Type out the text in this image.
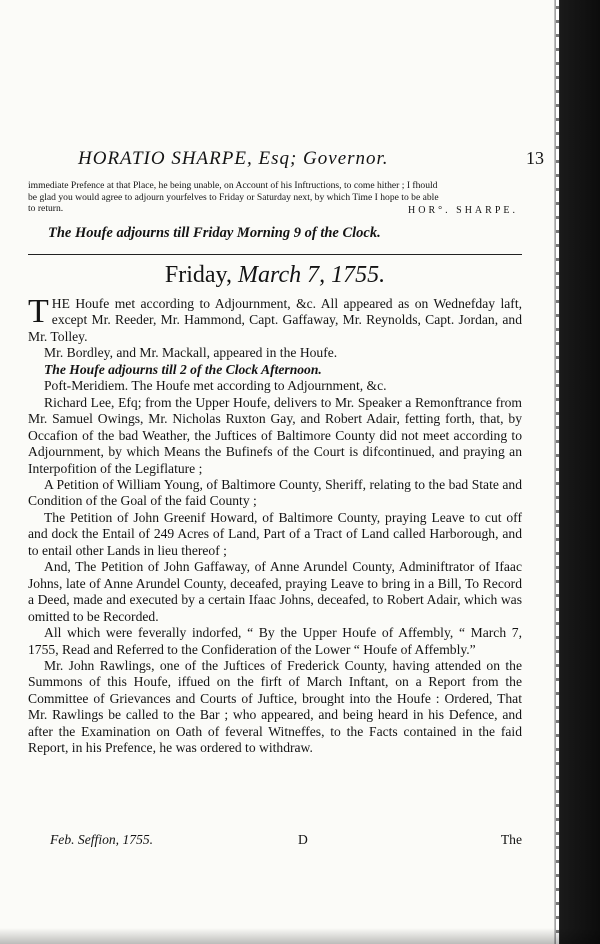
HORATIO SHARPE, Esq; Governor.	13

immediate Prefence at that Place, he being unable, on Account of his Inftructions, to come hither ; I fhould

be glad you would agree to adjourn yourfelves to Friday or Saturday next, by which Time I hope to be able

to return.	HOR°. SHARPE.
The Houfe adjourns till Friday Morning 9 of the Clock.
Friday, March 7, 1755.

THE Houfe met according to Adjournment, &c. All appeared as on Wednefday laft, except Mr. Reeder, Mr. Hammond, Capt. Gaffaway, Mr. Reynolds, Capt. Jordan, and Mr. Tolley.

Mr. Bordley, and Mr. Mackall, appeared in the Houfe.

The Houfe adjourns till 2 of the Clock Afternoon.

Poft-Meridiem. The Houfe met according to Adjournment, &c.

Richard Lee, Efq; from the Upper Houfe, delivers to Mr. Speaker a Remonftrance from Mr. Samuel Owings, Mr. Nicholas Ruxton Gay, and Robert Adair, fetting forth, that, by Occafion of the bad Weather, the Juftices of Baltimore County did not meet according to Adjournment, by which Means the Bufinefs of the Court is difcontinued, and praying an Interpofition of the Legiflature ;

A Petition of William Young, of Baltimore County, Sheriff, relating to the bad State and Condition of the Goal of the faid County ;

The Petition of John Greenif Howard, of Baltimore County, praying Leave to cut off and dock the Entail of 249 Acres of Land, Part of a Tract of Land called Harborough, and to entail other Lands in lieu thereof ;

And, The Petition of John Gaffaway, of Anne Arundel County, Adminiftrator of Ifaac Johns, late of Anne Arundel County, deceafed, praying Leave to bring in a Bill, To Record a Deed, made and executed by a certain Ifaac Johns, deceafed, to Robert Adair, which was omitted to be Recorded.

All which were feverally indorfed, “ By the Upper Houfe of Affembly, “ March 7, 1755, Read and Referred to the Confideration of the Lower “ Houfe of Affembly.”

Mr. John Rawlings, one of the Juftices of Frederick County, having attended on the Summons of this Houfe, iffued on the firft of March Inftant, on a Report from the Committee of Grievances and Courts of Juftice, brought into the Houfe : Ordered, That Mr. Rawlings be called to the Bar ; who appeared, and being heard in his Defence, and after the Examination on Oath of feveral Witneffes, to the Facts contained in the faid Report, in his Prefence, he was ordered to withdraw.

Feb. Seffion, 1755.	D	The
